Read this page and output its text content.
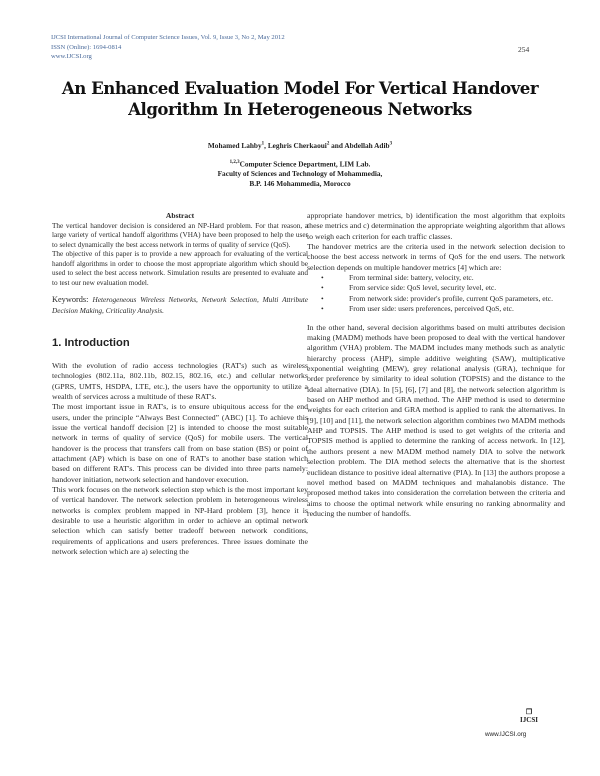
IJCSI International Journal of Computer Science Issues, Vol. 9, Issue 3, No 2, May 2012
ISSN (Online): 1694-0814
www.IJCSI.org
254
An Enhanced Evaluation Model For Vertical Handover
Algorithm In Heterogeneous Networks
Mohamed Lahby$^1$, Leghris Cherkaoui$^2$ and Abdellah Adib$^3$
$^{1,2,3}$Computer Science Department, LIM Lab.
Faculty of Sciences and Technology of Mohammedia,
B.P. 146 Mohammedia, Morocco
Abstract

The vertical handover decision is considered an NP-Hard problem. For that reason, a large variety of vertical handoff algorithms (VHA) have been proposed to help the user to select dynamically the best access network in terms of quality of service (QoS).

The objective of this paper is to provide a new approach for evaluating of the vertical handoff algorithms in order to choose the most appropriate algorithm which should be used to select the best access network. Simulation results are presented to evaluate and to test our new evaluation model.

Keywords: Heterogeneous Wireless Networks, Network Selection, Multi Attribute Decision Making, Criticality Analysis.

1. Introduction

With the evolution of radio access technologies (RAT's) such as wireless technologies (802.11a, 802.11b, 802.15, 802.16, etc.) and cellular networks (GPRS, UMTS, HSDPA, LTE, etc.), the users have the opportunity to utilize a wealth of services across a multitude of these RAT's.

The most important issue in RAT's, is to ensure ubiquitous access for the end users, under the principle “Always Best Connected” (ABC) [1]. To achieve this issue the vertical handoff decision [2] is intended to choose the most suitable network in terms of quality of service (QoS) for mobile users. The vertical handover is the process that transfers call from on base station (BS) or point of attachment (AP) which is base on one of RAT's to another base station which based on different RAT's. This process can be divided into three parts namely: handover initiation, network selection and handover execution.

This work focuses on the network selection step which is the most important key of vertical handover. The network selection problem in heterogeneous wireless networks is complex problem mapped in NP-Hard problem [3], hence it is desirable to use a heuristic algorithm in order to achieve an optimal network selection which can satisfy better tradeoff between network conditions, requirements of applications and users preferences. Three issues dominate the network selection which are a) selecting the

appropriate handover metrics, b) identification the most algorithm that exploits these metrics and c) determination the appropriate weighting algorithm that allows to weigh each criterion for each traffic classes.

The handover metrics are the criteria used in the network selection decision to choose the best access network in terms of QoS for the end users. The network selection depends on multiple handover metrics [4] which are:

• From terminal side: battery, velocity, etc.
• From service side: QoS level, security level, etc.
• From network side: provider's profile, current QoS parameters, etc.
• From user side: users preferences, perceived QoS, etc.

In the other hand, several decision algorithms based on multi attributes decision making (MADM) methods have been proposed to deal with the vertical handover algorithm (VHA) problem. The MADM includes many methods such as analytic hierarchy process (AHP), simple additive weighting (SAW), multiplicative exponential weighting (MEW), grey relational analysis (GRA), technique for order preference by similarity to ideal solution (TOPSIS) and the distance to the ideal alternative (DIA). In [5], [6], [7] and [8], the network selection algorithm is based on AHP method and GRA method. The AHP method is used to determine weights for each criterion and GRA method is applied to rank the alternatives. In [9], [10] and [11], the network selection algorithm combines two MADM methods AHP and TOPSIS. The AHP method is used to get weights of the criteria and TOPSIS method is applied to determine the ranking of access network. In [12], the authors present a new MADM method namely DIA to solve the network selection problem. The DIA method selects the alternative that is the shortest euclidean distance to positive ideal alternative (PIA). In [13] the authors propose a novel method based on MADM techniques and mahalanobis distance. The proposed method takes into consideration the correlation between the criteria and aims to choose the optimal network while ensuring no ranking abnormality and reducing the number of handoffs.

❐
IJCSI
www.IJCSI.org
